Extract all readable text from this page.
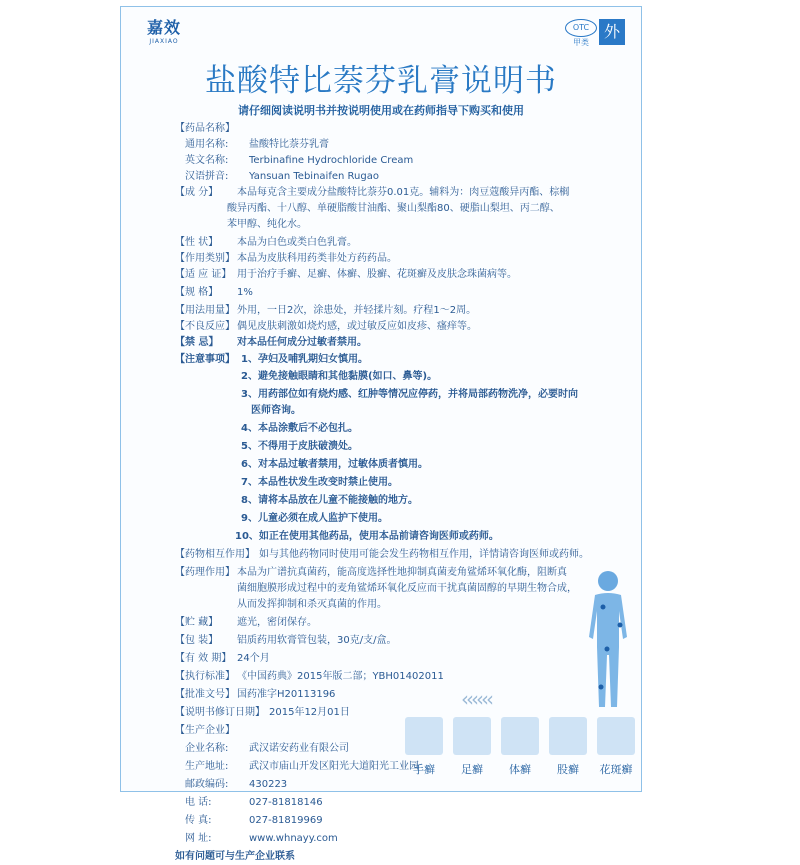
嘉效
JIAXIAO
OTC 外
甲类
盐酸特比萘芬乳膏说明书
请仔细阅读说明书并按说明使用或在药师指导下购买和使用
【药品名称】
通用名称: 盐酸特比萘芬乳膏
英文名称: Terbinafine Hydrochloride Cream
汉语拼音: Yansuan Tebinaifen Rugao
【成 分】 本品每克含主要成分盐酸特比萘芬0.01克。辅料为：肉豆蔻酸异丙酯、棕榈
酸异丙酯、十八醇、单硬脂酸甘油酯、聚山梨酯80、硬脂山梨坦、丙二醇、
苯甲醇、纯化水。
【性 状】 本品为白色或类白色乳膏。
【作用类别】 本品为皮肤科用药类非处方药药品。
【适 应 证】 用于治疗手癣、足癣、体癣、股癣、花斑癣及皮肤念珠菌病等。
【规 格】 1%
【用法用量】 外用，一日2次，涂患处，并轻揉片刻。疗程1～2周。
【不良反应】 偶见皮肤刺激如烧灼感，或过敏反应如皮疹、瘙痒等。
【禁 忌】 对本品任何成分过敏者禁用。
【注意事项】 1、孕妇及哺乳期妇女慎用。
2、避免接触眼睛和其他黏膜(如口、鼻等)。
3、用药部位如有烧灼感、红肿等情况应停药，并将局部药物洗净，必要时向
医师咨询。
4、本品涂敷后不必包扎。
5、不得用于皮肤破溃处。
6、对本品过敏者禁用，过敏体质者慎用。
7、本品性状发生改变时禁止使用。
8、请将本品放在儿童不能接触的地方。
9、儿童必须在成人监护下使用。
10、如正在使用其他药品，使用本品前请咨询医师或药师。
【药物相互作用】 如与其他药物同时使用可能会发生药物相互作用，详情请咨询医师或药师。
【药理作用】 本品为广谱抗真菌药，能高度选择性地抑制真菌麦角鲨烯环氧化酶，阻断真
菌细胞膜形成过程中的麦角鲨烯环氧化反应而干扰真菌固醇的早期生物合成，
从而发挥抑制和杀灭真菌的作用。
【贮 藏】 遮光，密闭保存。
【包 装】 铝质药用软膏管包装，30克/支/盒。
【有 效 期】 24个月
【执行标准】 《中国药典》2015年版二部；YBH01402011
【批准文号】 国药准字H20113196
【说明书修订日期】 2015年12月01日
【生产企业】
企业名称: 武汉诺安药业有限公司
生产地址: 武汉市庙山开发区阳光大道阳光工业园
邮政编码: 430223
电 话:	027-81818146
传 真:	027-81819969
网 址:	www.whnayy.com
如有问题可与生产企业联系
‹‹‹‹‹‹
手癣	足癣	体癣	股癣	花斑癣
